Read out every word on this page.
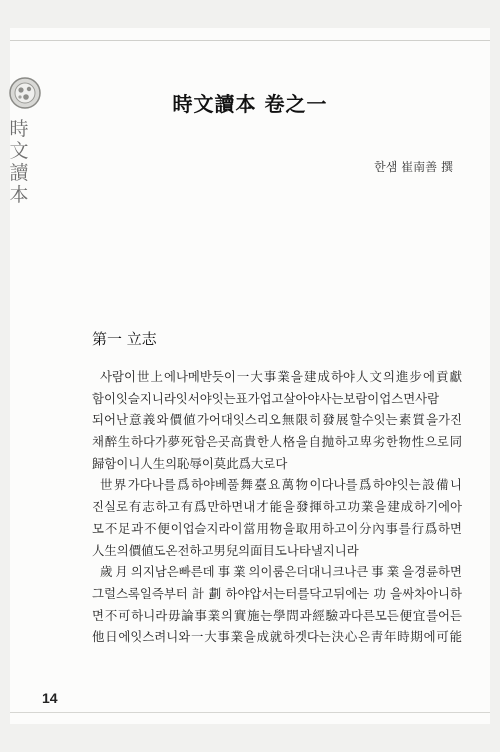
時
文
讀
本
時文讀本 卷之一
한샘 崔南善 撰
第一 立志
사람이世上에나메반듯이一大事業을建成하야人文의進步에貢獻
함이잇슬지니라잇서야잇는표가업고살아야사는보람이업스면사람
되어난意義와價値가어대잇스리오無限히發展할수잇는素質을가진
채醉生하다가夢死함은곳高貴한人格을自抛하고卑劣한物性으로同
歸함이니人生의恥辱이莫此爲大로다
世界가다나를爲하야베풀舞臺요萬物이다나를爲하야잇는設備니
진실로有志하고有爲만하면내才能을發揮하고功業을建成하기에아
모不足과不便이업슬지라이當用物을取用하고이分內事를行爲하면
人生의價値도온전하고男兒의面目도나타낼지니라
歲月의지남은빠른데事業의이룸은더대니크나큰事業을경륜하면
그럴스록일즉부터計劃하야압서는터를닥고뒤에는功을싸차아니하
면不可하니라毋論事業의實施는學問과經驗과다른모든便宜를어든
他日에잇스려니와一大事業을成就하겟다는決心은靑年時期에可能
14
